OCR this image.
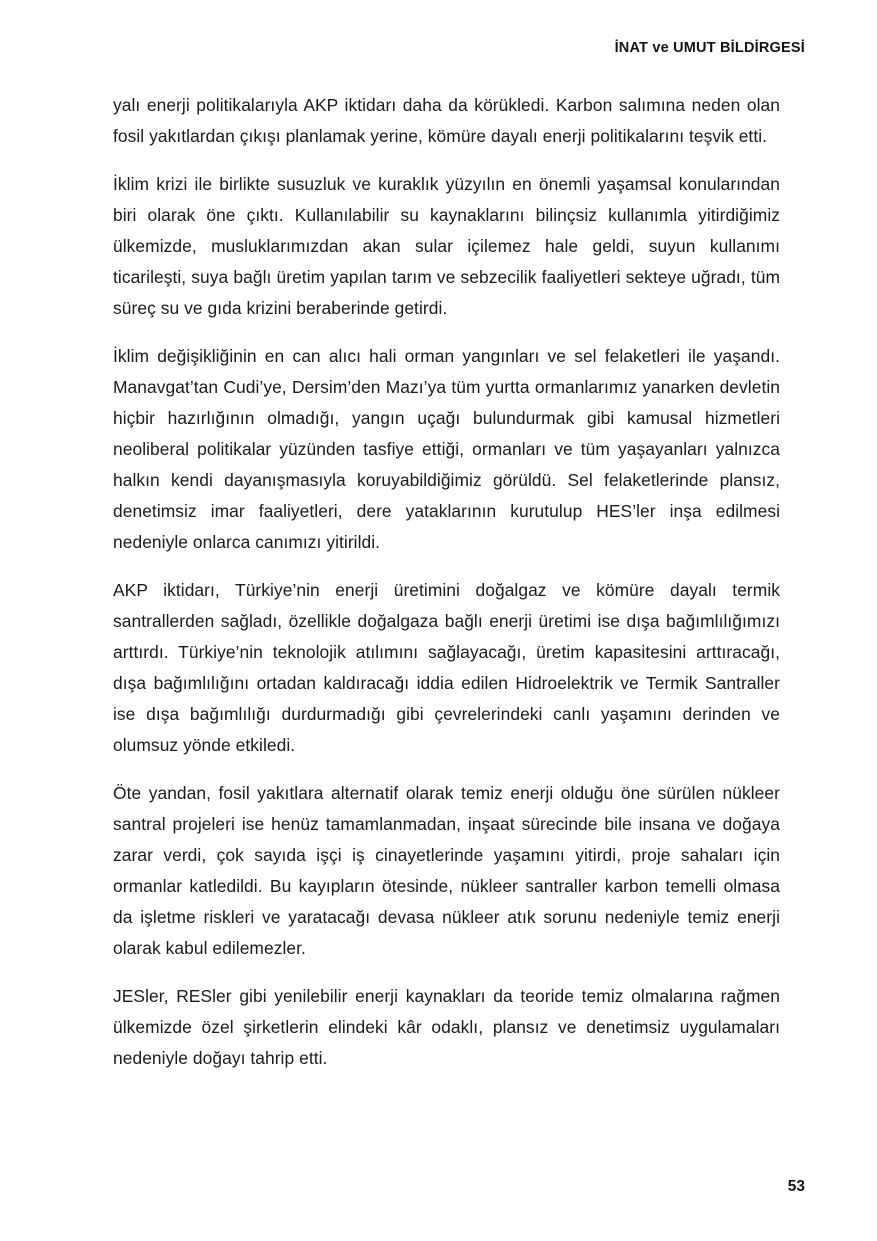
İNAT ve UMUT BİLDİRGESİ

yalı enerji politikalarıyla AKP iktidarı daha da körükledi. Karbon salımına neden olan fosil yakıtlardan çıkışı planlamak yerine, kömüre dayalı enerji politikalarını teşvik etti.

İklim krizi ile birlikte susuzluk ve kuraklık yüzyılın en önemli yaşamsal konularından biri olarak öne çıktı. Kullanılabilir su kaynaklarını bilinçsiz kullanımla yitirdiğimiz ülkemizde, musluklarımızdan akan sular içilemez hale geldi, suyun kullanımı ticarileşti, suya bağlı üretim yapılan tarım ve sebzecilik faaliyetleri sekteye uğradı, tüm süreç su ve gıda krizini beraberinde getirdi.

İklim değişikliğinin en can alıcı hali orman yangınları ve sel felaketleri ile yaşandı. Manavgat’tan Cudi’ye, Dersim’den Mazı’ya tüm yurtta ormanlarımız yanarken devletin hiçbir hazırlığının olmadığı, yangın uçağı bulundurmak gibi kamusal hizmetleri neoliberal politikalar yüzünden tasfiye ettiği, ormanları ve tüm yaşayanları yalnızca halkın kendi dayanışmasıyla koruyabildiğimiz görüldü. Sel felaketlerinde plansız, denetimsiz imar faaliyetleri, dere yataklarının kurutulup HES’ler inşa edilmesi nedeniyle onlarca canımızı yitirildi.

AKP iktidarı, Türkiye’nin enerji üretimini doğalgaz ve kömüre dayalı termik santrallerden sağladı, özellikle doğalgaza bağlı enerji üretimi ise dışa bağımlılığımızı arttırdı. Türkiye’nin teknolojik atılımını sağlayacağı, üretim kapasitesini arttıracağı, dışa bağımlılığını ortadan kaldıracağı iddia edilen Hidroelektrik ve Termik Santraller ise dışa bağımlılığı durdurmadığı gibi çevrelerindeki canlı yaşamını derinden ve olumsuz yönde etkiledi.

Öte yandan, fosil yakıtlara alternatif olarak temiz enerji olduğu öne sürülen nükleer santral projeleri ise henüz tamamlanmadan, inşaat sürecinde bile insana ve doğaya zarar verdi, çok sayıda işçi iş cinayetlerinde yaşamını yitirdi, proje sahaları için ormanlar katledildi. Bu kayıpların ötesinde, nükleer santraller karbon temelli olmasa da işletme riskleri ve yaratacağı devasa nükleer atık sorunu nedeniyle temiz enerji olarak kabul edilemezler.

JESler, RESler gibi yenilebilir enerji kaynakları da teoride temiz olmalarına rağmen ülkemizde özel şirketlerin elindeki kâr odaklı, plansız ve denetimsiz uygulamaları nedeniyle doğayı tahrip etti.

53
